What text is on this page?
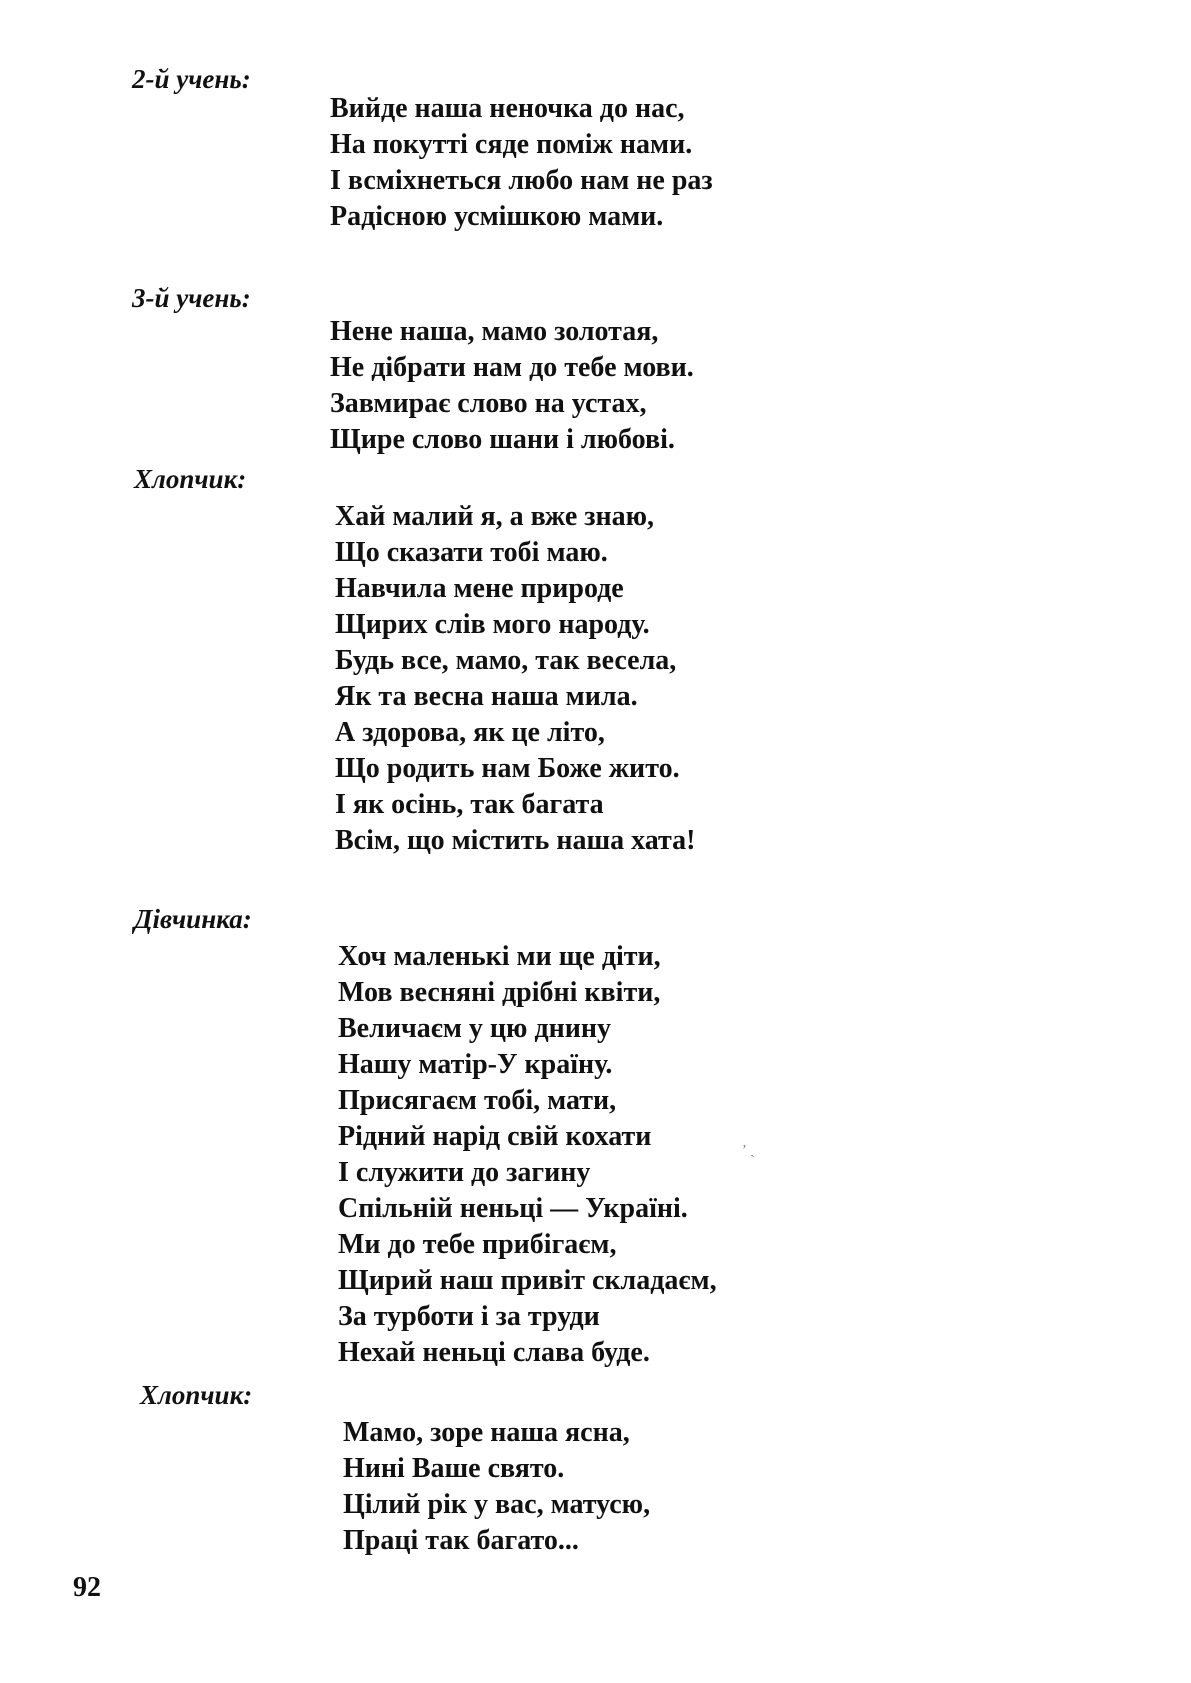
2-й учень:

Вийде наша неночка до нас,
На покутті сяде поміж нами.
І всміхнеться любо нам не раз
Радісною усмішкою мами.

3-й учень:

Нене наша, мамо золотая,
Не дібрати нам до тебе мови.
Завмирає слово на устах,
Щире слово шани і любові.

Хлопчик:

Хай малий я, а вже знаю,
Що сказати тобі маю.
Навчила мене природе
Щирих слів мого народу.
Будь все, мамо, так весела,
Як та весна наша мила.
А здорова, як це літо,
Що родить нам Боже жито.
І як осінь, так багата
Всім, що містить наша хата!

Дівчинка:

Хоч маленькі ми ще діти,
Мов весняні дрібні квіти,
Величаєм у цю днину
Нашу матір-У країну.
Присягаєм тобі, мати,
Рідний нарід свій кохати
І служити до загину
Спільній неньці — Україні.
Ми до тебе прибігаєм,
Щирий наш привіт складаєм,
За турботи і за труди
Нехай неньці слава буде.

Хлопчик:

Мамо, зоре наша ясна,
Нині Ваше свято.
Цілий рік у вас, матусю,
Праці так багато...
92
ʼ ˎ
